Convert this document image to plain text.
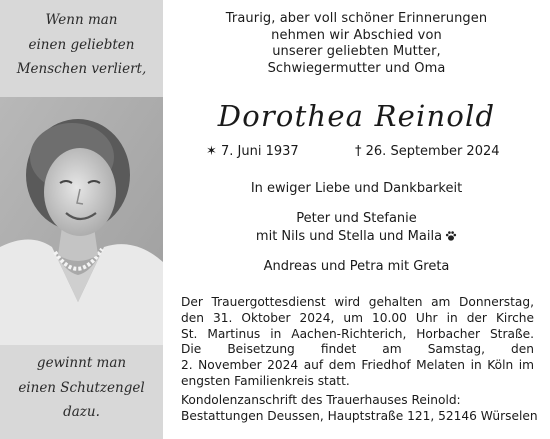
Wenn man
einen geliebten
Menschen verliert,
gewinnt man
einen Schutzengel
dazu.
Traurig, aber voll schöner Erinnerungen
nehmen wir Abschied von
unserer geliebten Mutter,
Schwiegermutter und Oma
Dorothea Reinold
✶ 7. Juni 1937	† 26. September 2024
In ewiger Liebe und Dankbarkeit
Peter und Stefanie
mit Nils und Stella und Maila
Andreas und Petra mit Greta
Der Trauergottesdienst wird gehalten am Donnerstag,
den 31. Oktober 2024, um 10.00 Uhr in der Kirche
St. Martinus in Aachen-Richterich, Horbacher Straße.
Die Beisetzung findet am Samstag, den
2. November 2024 auf dem Friedhof Melaten in Köln im
engsten Familienkreis statt.
Kondolenzanschrift des Trauerhauses Reinold:
Bestattungen Deussen, Hauptstraße 121, 52146 Würselen
